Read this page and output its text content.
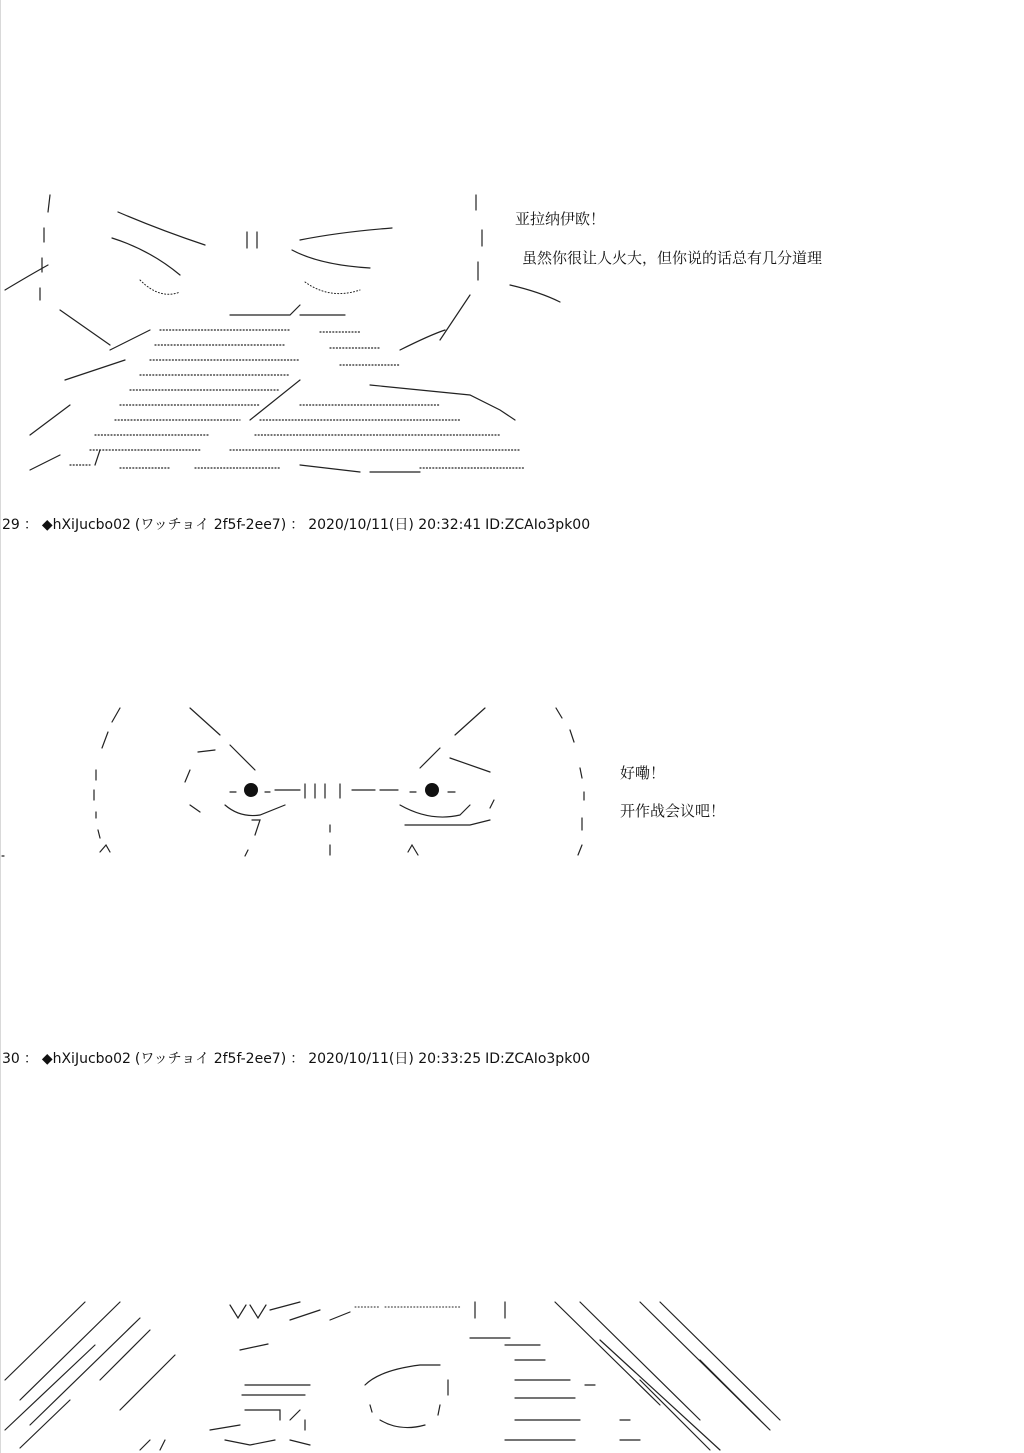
亚拉纳伊欧！
虽然你很让人火大，但你说的话总有几分道理
29 ： ◆hXiJucbo02 (ワッチョイ 2f5f-2ee7) ： 2020/10/11(日) 20:32:41 ID:ZCAIo3pk00
好嘞！
开作战会议吧！
30 ： ◆hXiJucbo02 (ワッチョイ 2f5f-2ee7) ： 2020/10/11(日) 20:33:25 ID:ZCAIo3pk00
